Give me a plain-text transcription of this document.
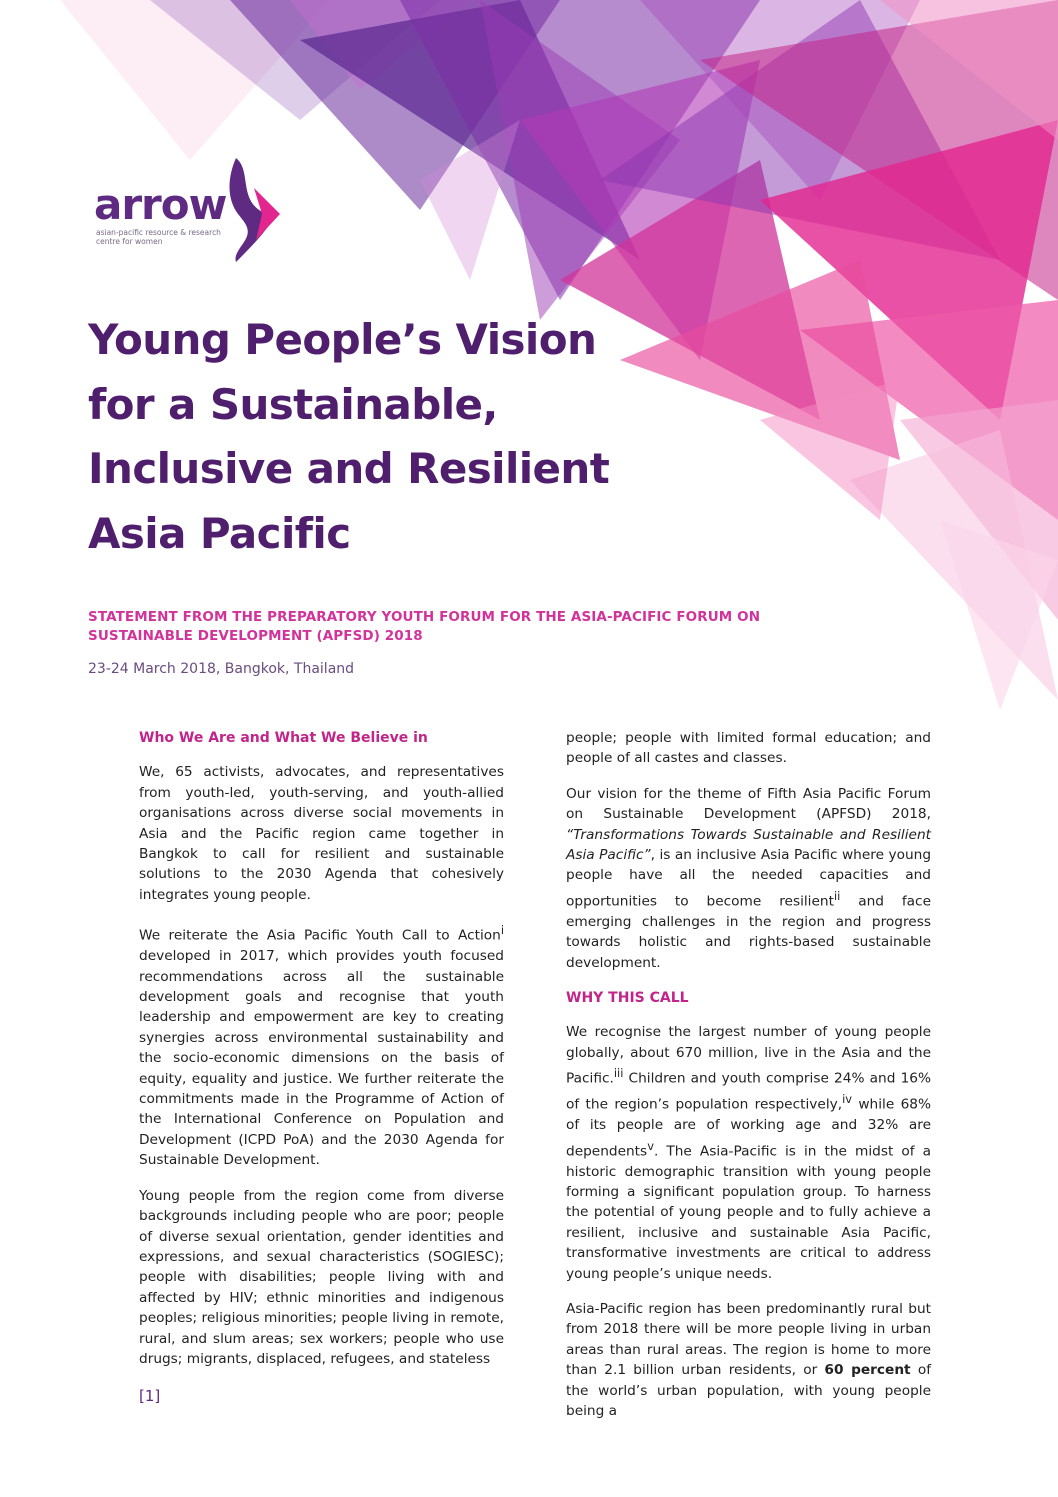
arrow
asian-pacific resource & research centre for women
Young People’s Vision for a Sustainable, Inclusive and Resilient Asia Pacific

STATEMENT FROM THE PREPARATORY YOUTH FORUM FOR THE ASIA-PACIFIC FORUM ON SUSTAINABLE DEVELOPMENT (APFSD) 2018

23-24 March 2018, Bangkok, Thailand

Who We Are and What We Believe in

We, 65 activists, advocates, and representatives from youth-led, youth-serving, and youth-allied organisations across diverse social movements in Asia and the Pacific region came together in Bangkok to call for resilient and sustainable solutions to the 2030 Agenda that cohesively integrates young people.

We reiterate the Asia Pacific Youth Call to Action$^i$ developed in 2017, which provides youth focused recommendations across all the sustainable development goals and recognise that youth leadership and empowerment are key to creating synergies across environmental sustainability and the socio-economic dimensions on the basis of equity, equality and justice. We further reiterate the commitments made in the Programme of Action of the International Conference on Population and Development (ICPD PoA) and the 2030 Agenda for Sustainable Development.

Young people from the region come from diverse backgrounds including people who are poor; people of diverse sexual orientation, gender identities and expressions, and sexual characteristics (SOGIESC); people with disabilities; people living with and affected by HIV; ethnic minorities and indigenous peoples; religious minorities; people living in remote, rural, and slum areas; sex workers; people who use drugs; migrants, displaced, refugees, and stateless

people; people with limited formal education; and people of all castes and classes.

Our vision for the theme of Fifth Asia Pacific Forum on Sustainable Development (APFSD) 2018, “Transformations Towards Sustainable and Resilient Asia Pacific”, is an inclusive Asia Pacific where young people have all the needed capacities and opportunities to become resilient$^{ii}$ and face emerging challenges in the region and progress towards holistic and rights-based sustainable development.

WHY THIS CALL

We recognise the largest number of young people globally, about 670 million, live in the Asia and the Pacific.$^{iii}$ Children and youth comprise 24% and 16% of the region’s population respectively,$^{iv}$ while 68% of its people are of working age and 32% are dependents$^v$. The Asia-Pacific is in the midst of a historic demographic transition with young people forming a significant population group. To harness the potential of young people and to fully achieve a resilient, inclusive and sustainable Asia Pacific, transformative investments are critical to address young people’s unique needs.

Asia-Pacific region has been predominantly rural but from 2018 there will be more people living in urban areas than rural areas. The region is home to more than 2.1 billion urban residents, or 60 percent of the world’s urban population, with young people being a

[1]
